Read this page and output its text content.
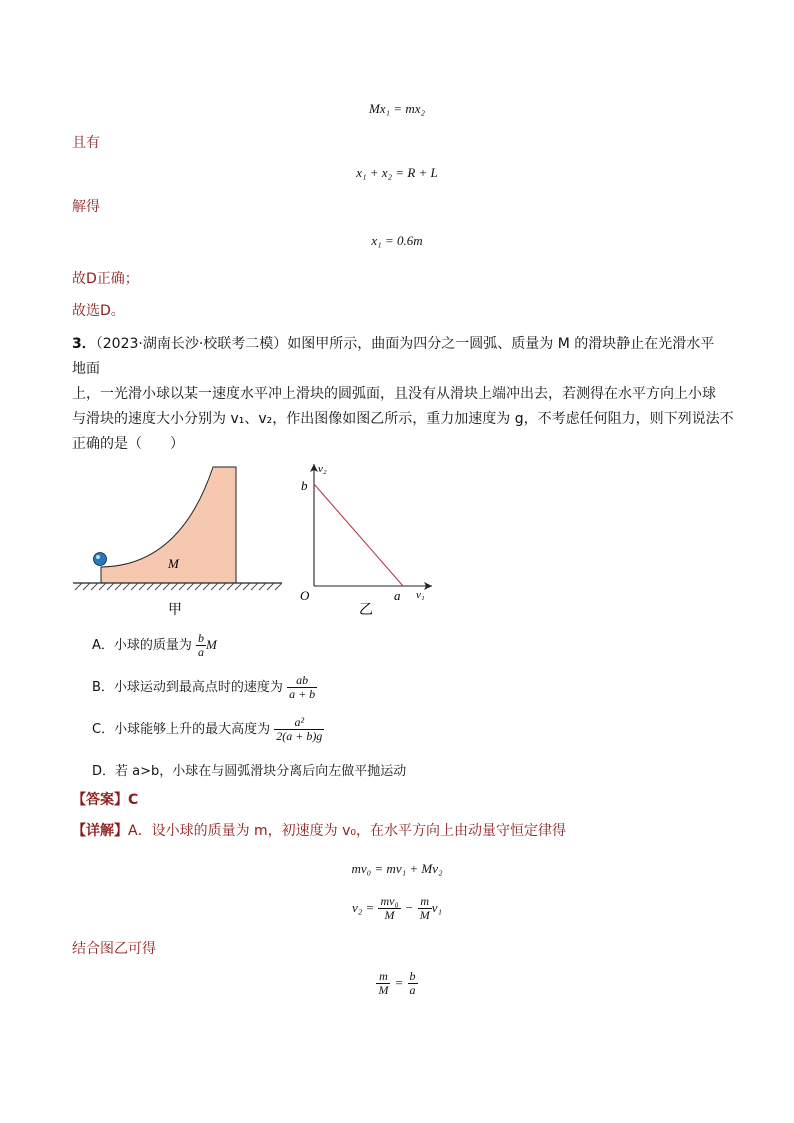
Mx₁ = mx₂
且有
x₁ + x₂ = R + L
解得
x₁ = 0.6m
故D正确；
故选D。
3．（2023·湖南长沙·校联考二模）如图甲所示，曲面为四分之一圆弧、质量为 M 的滑块静止在光滑水平地面
上，一光滑小球以某一速度水平冲上滑块的圆弧面，且没有从滑块上端冲出去，若测得在水平方向上小球
与滑块的速度大小分别为 v₁、v₂，作出图像如图乙所示，重力加速度为 g，不考虑任何阻力，则下列说法不
正确的是（　　）
M
甲
O	a
b
v₁
v₂
乙
A．小球的质量为 $\frac{b}{a}$ M
B．小球运动到最高点时的速度为 $\frac{ab}{a + b}$
C．小球能够上升的最大高度为 $\frac{\text{a²}}{2(a + b)g}$
D．若 a>b，小球在与圆弧滑块分离后向左做平抛运动
【答案】C
【详解】A．设小球的质量为 m，初速度为 v₀，在水平方向上由动量守恒定律得
mv₀ = mv₁ + Mv₂
$v_2 = \frac{\text{mv₀}}{M} - \frac{m}{M} v_1$
结合图乙可得
$\frac{m}{M} = \frac{b}{a}$
